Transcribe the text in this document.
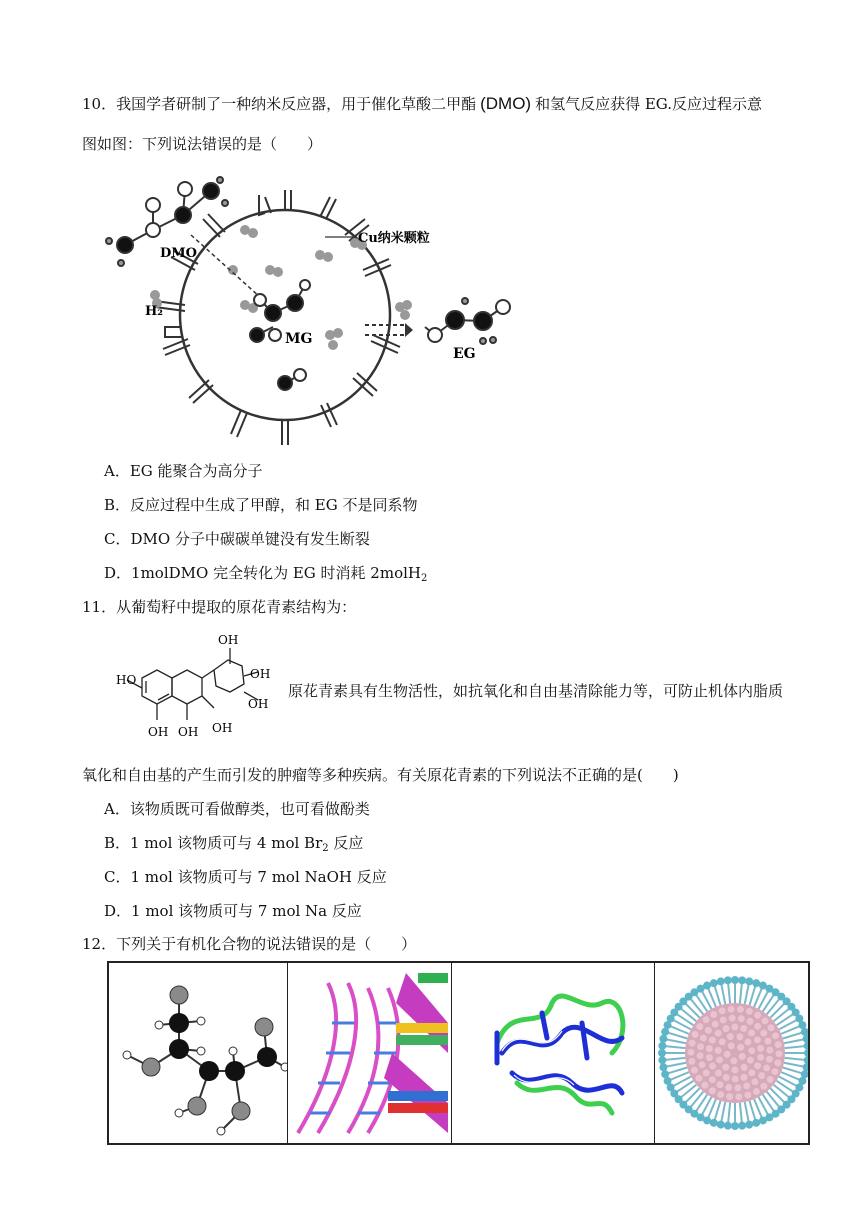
10．我国学者研制了一种纳米反应器，用于催化草酸二甲酯 (DMO) 和氢气反应获得 EG.反应过程示意
图如图：下列说法错误的是（　　）
Cu纳米颗粒
DMO
H₂
MG
EG
A．EG 能聚合为高分子
B．反应过程中生成了甲醇，和 EG 不是同系物
C．DMO 分子中碳碳单键没有发生断裂
D．1molDMO 完全转化为 EG 时消耗 2molH$_2$
11．从葡萄籽中提取的原花青素结构为：
OH
OH
OH
HO
OH
OH OH
原花青素具有生物活性，如抗氧化和自由基清除能力等，可防止机体内脂质
氧化和自由基的产生而引发的肿瘤等多种疾病。有关原花青素的下列说法不正确的是(　　)
A．该物质既可看做醇类，也可看做酚类
B．1 mol 该物质可与 4 mol $Br_2$ 反应
C．1 mol 该物质可与 7 mol NaOH 反应
D．1 mol 该物质可与 7 mol Na 反应
12．下列关于有机化合物的说法错误的是（　　）
